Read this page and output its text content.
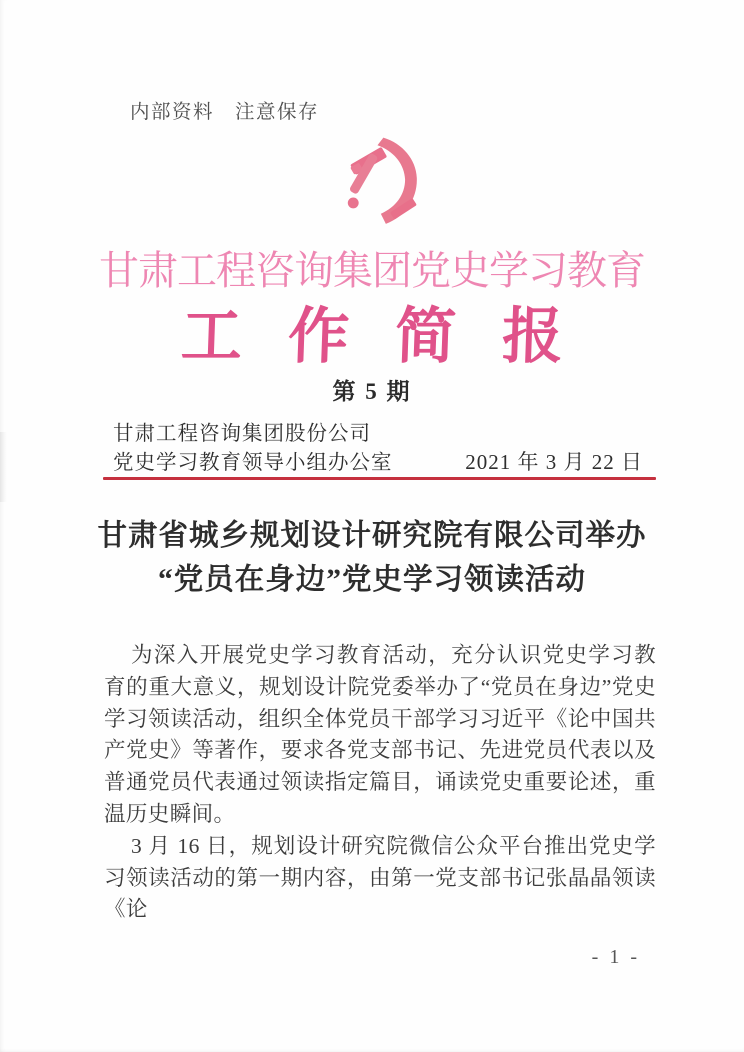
内部资料　注意保存
甘肃工程咨询集团党史学习教育
工作简报
第 5 期
甘肃工程咨询集团股份公司
党史学习教育领导小组办公室	2021 年 3 月 22 日
甘肃省城乡规划设计研究院有限公司举办
“党员在身边”党史学习领读活动

为深入开展党史学习教育活动，充分认识党史学习教育的重大意义，规划设计院党委举办了“党员在身边”党史学习领读活动，组织全体党员干部学习习近平《论中国共产党史》等著作，要求各党支部书记、先进党员代表以及普通党员代表通过领读指定篇目，诵读党史重要论述，重温历史瞬间。

3 月 16 日，规划设计研究院微信公众平台推出党史学习领读活动的第一期内容，由第一党支部书记张晶晶领读《论

- 1 -
